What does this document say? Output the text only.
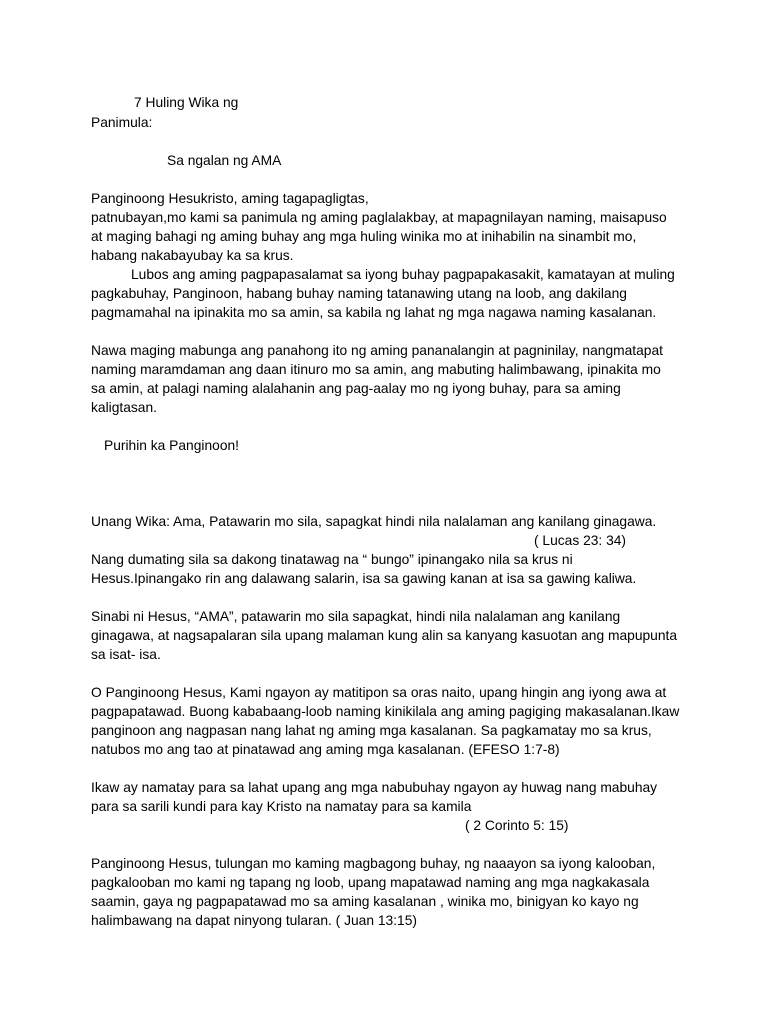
7 Huling Wika ng
Panimula:
Sa ngalan ng AMA
Panginoong Hesukristo, aming tagapagligtas,
patnubayan,mo kami sa panimula ng aming paglalakbay, at mapagnilayan naming, maisapuso
at maging bahagi ng aming buhay ang mga huling winika mo at inihabilin na sinambit mo,
habang nakabayubay ka sa krus.
Lubos ang aming pagpapasalamat sa iyong buhay pagpapakasakit, kamatayan at muling
pagkabuhay, Panginoon, habang buhay naming tatanawing utang na loob, ang dakilang
pagmamahal na ipinakita mo sa amin, sa kabila ng lahat ng mga nagawa naming kasalanan.
Nawa maging mabunga ang panahong ito ng aming pananalangin at pagninilay, nangmatapat
naming maramdaman ang daan itinuro mo sa amin, ang mabuting halimbawang, ipinakita mo
sa amin, at palagi naming alalahanin ang pag-aalay mo ng iyong buhay, para sa aming
kaligtasan.
Purihin ka Panginoon!
Unang Wika: Ama, Patawarin mo sila, sapagkat hindi nila nalalaman ang kanilang ginagawa.
( Lucas 23: 34)
Nang dumating sila sa dakong tinatawag na “ bungo” ipinangako nila sa krus ni
Hesus.Ipinangako rin ang dalawang salarin, isa sa gawing kanan at isa sa gawing kaliwa.
Sinabi ni Hesus, “AMA”, patawarin mo sila sapagkat, hindi nila nalalaman ang kanilang
ginagawa, at nagsapalaran sila upang malaman kung alin sa kanyang kasuotan ang mapupunta
sa isat- isa.
O Panginoong Hesus, Kami ngayon ay matitipon sa oras naito, upang hingin ang iyong awa at
pagpapatawad. Buong kababaang-loob naming kinikilala ang aming pagiging makasalanan.Ikaw
panginoon ang nagpasan nang lahat ng aming mga kasalanan. Sa pagkamatay mo sa krus,
natubos mo ang tao at pinatawad ang aming mga kasalanan. (EFESO 1:7-8)
Ikaw ay namatay para sa lahat upang ang mga nabubuhay ngayon ay huwag nang mabuhay
para sa sarili kundi para kay Kristo na namatay para sa kamila
( 2 Corinto 5: 15)
Panginoong Hesus, tulungan mo kaming magbagong buhay, ng naaayon sa iyong kalooban,
pagkalooban mo kami ng tapang ng loob, upang mapatawad naming ang mga nagkakasala
saamin, gaya ng pagpapatawad mo sa aming kasalanan , winika mo, binigyan ko kayo ng
halimbawang na dapat ninyong tularan. ( Juan 13:15)
